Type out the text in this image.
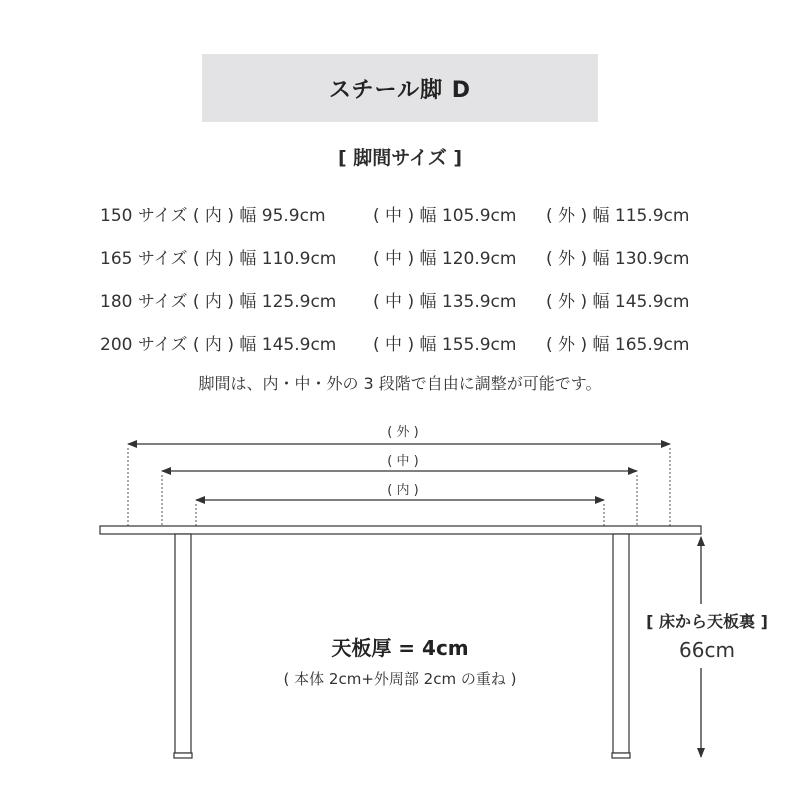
スチール脚 D
[ 脚間サイズ ]
150 サイズ ( 内 ) 幅 95.9cm	( 中 ) 幅 105.9cm	( 外 ) 幅 115.9cm
165 サイズ ( 内 ) 幅 110.9cm	( 中 ) 幅 120.9cm	( 外 ) 幅 130.9cm
180 サイズ ( 内 ) 幅 125.9cm	( 中 ) 幅 135.9cm	( 外 ) 幅 145.9cm
200 サイズ ( 内 ) 幅 145.9cm	( 中 ) 幅 155.9cm	( 外 ) 幅 165.9cm
脚間は、内・中・外の 3 段階で自由に調整が可能です。
( 外 )
( 中 )
( 内 )
天板厚 = 4cm
( 本体 2cm+外周部 2cm の重ね )
[ 床から天板裏 ]
66cm
